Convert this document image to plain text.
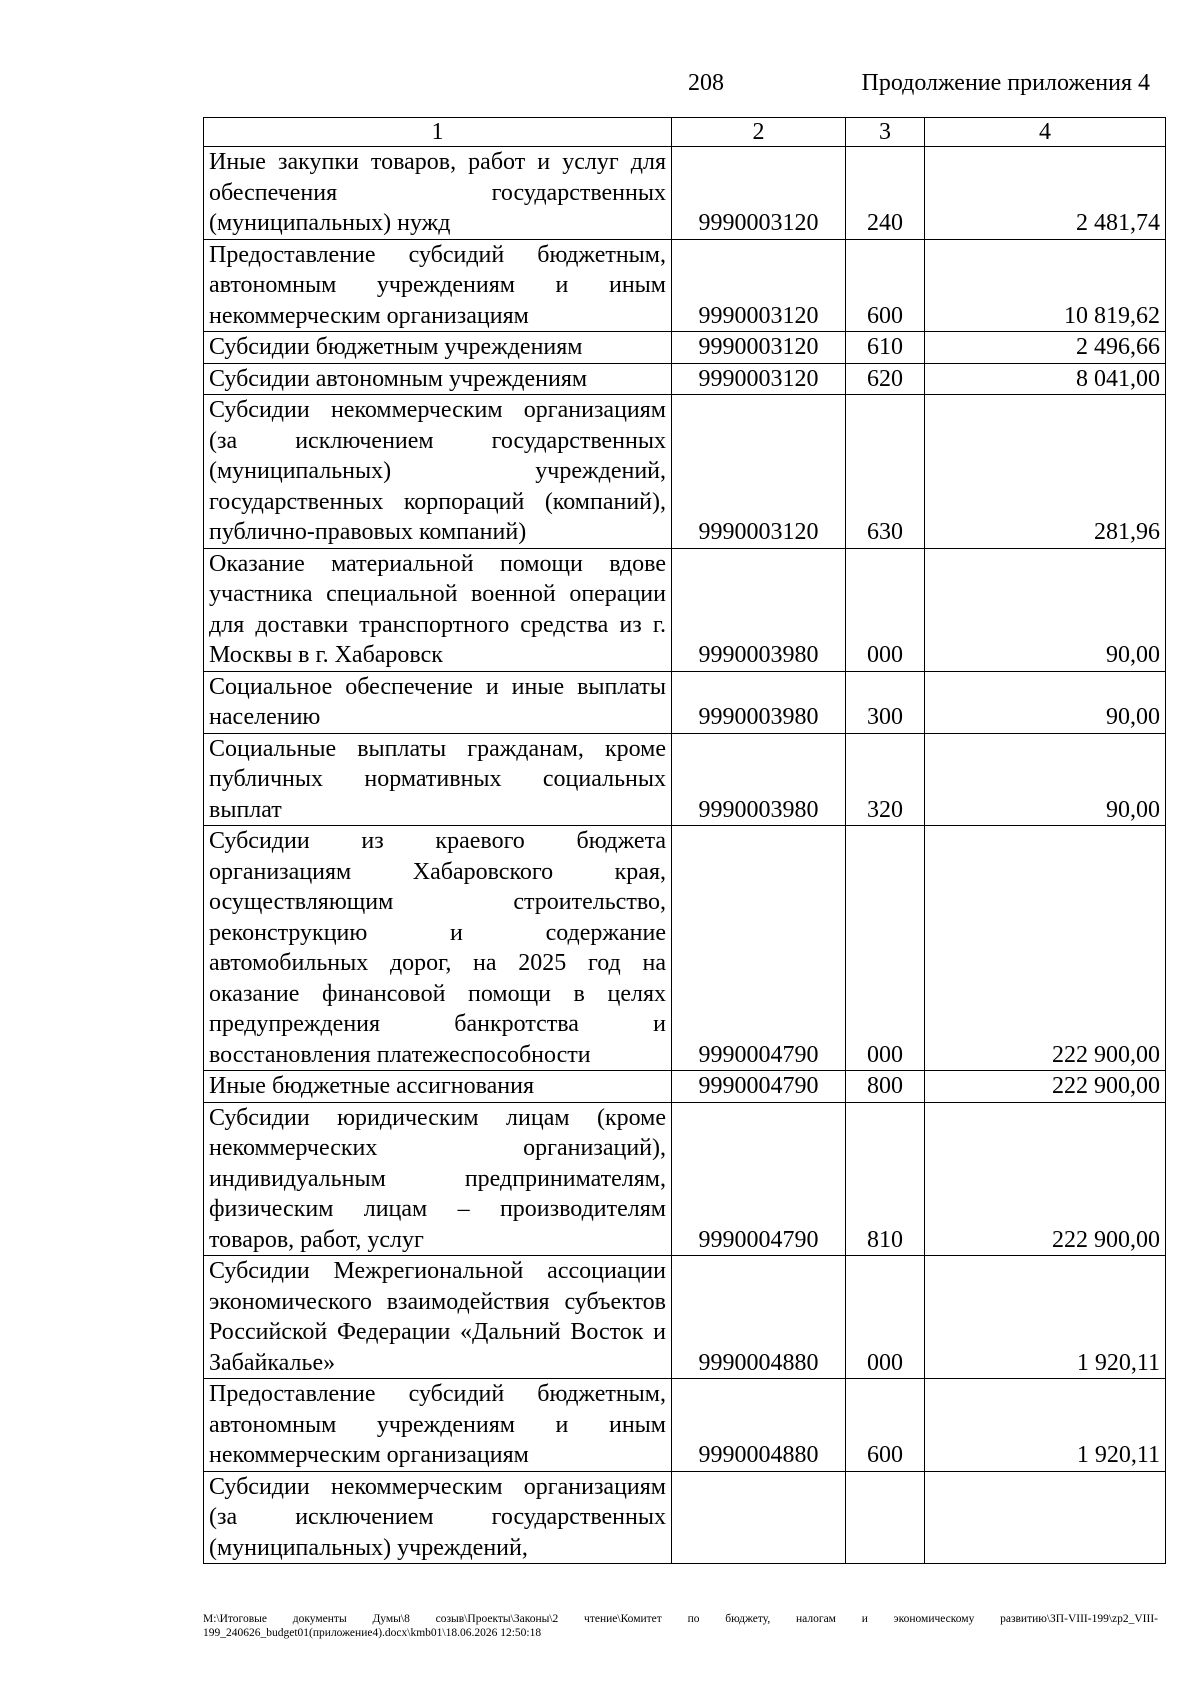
208	Продолжение приложения 4
1	2	3	4
Иные закупки товаров, работ и услуг для обеспечения государственных (муниципальных) нужд	9990003120	240	2 481,74
Предоставление субсидий бюджетным, автономным учреждениям и иным некоммерческим организациям	9990003120	600	10 819,62
Субсидии бюджетным учреждениям	9990003120	610	2 496,66
Субсидии автономным учреждениям	9990003120	620	8 041,00
Субсидии некоммерческим организациям (за исключением государственных (муниципальных) учреждений, государственных корпораций (компаний), публично-правовых компаний)	9990003120	630	281,96
Оказание материальной помощи вдове участника специальной военной операции для доставки транспортного средства из г. Москвы в г. Хабаровск	9990003980	000	90,00
Социальное обеспечение и иные выплаты населению	9990003980	300	90,00
Социальные выплаты гражданам, кроме публичных нормативных социальных выплат	9990003980	320	90,00
Субсидии из краевого бюджета организациям Хабаровского края, осуществляющим строительство, реконструкцию и содержание автомобильных дорог, на 2025 год на оказание финансовой помощи в целях предупреждения банкротства и восстановления платежеспособности	9990004790	000	222 900,00
Иные бюджетные ассигнования	9990004790	800	222 900,00
Субсидии юридическим лицам (кроме некоммерческих организаций), индивидуальным предпринимателям, физическим лицам – производителям товаров, работ, услуг	9990004790	810	222 900,00
Субсидии Межрегиональной ассоциации экономического взаимодействия субъектов Российской Федерации «Дальний Восток и Забайкалье»	9990004880	000	1 920,11
Предоставление субсидий бюджетным, автономным учреждениям и иным некоммерческим организациям	9990004880	600	1 920,11
Субсидии некоммерческим организациям (за исключением государственных (муниципальных) учреждений,			
M:\Итоговые документы Думы\8 созыв\Проекты\Законы\2 чтение\Комитет по бюджету, налогам и экономическому развитию\ЗП-VIII-199\zp2_VIII-199_240626_budget01(приложение4).docx\kmb01\18.06.2026 12:50:18
